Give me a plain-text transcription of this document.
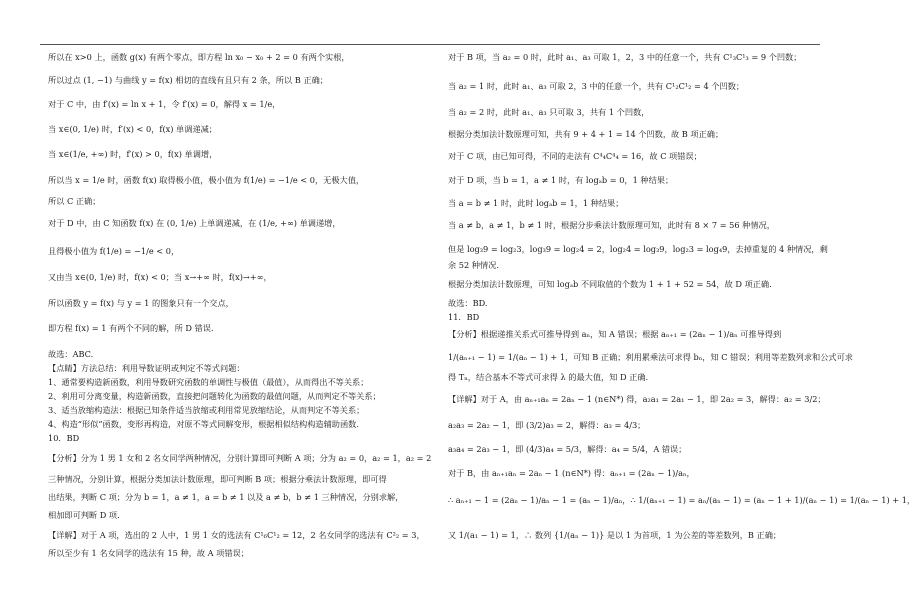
所以在 x>0 上，函数 g(x) 有两个零点，即方程 ln x₀ − x₀ + 2 = 0 有两个实根，
所以过点 (1, −1) 与曲线 y = f(x) 相切的直线有且只有 2 条，所以 B 正确；
对于 C 中，由 f′(x) = ln x + 1，令 f′(x) = 0，解得 x = 1/e，
当 x∈(0, 1/e) 时，f′(x) < 0，f(x) 单调递减；
当 x∈(1/e, +∞) 时，f′(x) > 0，f(x) 单调增，
所以当 x = 1/e 时，函数 f(x) 取得极小值，极小值为 f(1/e) = −1/e < 0，无极大值，
所以 C 正确；
对于 D 中，由 C 知函数 f(x) 在 (0, 1/e) 上单调递减，在 (1/e, +∞) 单调递增，
且得极小值为 f(1/e) = −1/e < 0，
又由当 x∈(0, 1/e) 时，f(x) < 0；当 x→+∞ 时，f(x)→+∞，
所以函数 y = f(x) 与 y = 1 的图象只有一个交点，
即方程 f(x) = 1 有两个不同的解，所 D 错误.
故选：ABC.
【点睛】方法总结：利用导数证明或判定不等式问题：
1、通常要构造新函数，利用导数研究函数的单调性与极值（最值），从而得出不等关系；
2、利用可分离变量，构造新函数，直接把问题转化为函数的最值问题，从而判定不等关系；
3、适当放缩构造法：根据已知条件适当放缩或利用常见放缩结论，从而判定不等关系；
4、构造“形似”函数，变形再构造，对原不等式同解变形，根据相似结构构造辅助函数.
10．BD
【分析】分为 1 男 1 女和 2 名女同学两种情况，分别计算即可判断 A 项；分为 a₂ = 0，a₂ = 1，a₂ = 2
三种情况，分别计算，根据分类加法计数原理，即可判断 B 项；根据分乘法计数原理，即可得
出结果，判断 C 项；分为 b = 1，a ≠ 1，a = b ≠ 1 以及 a ≠ b，b ≠ 1 三种情况，分别求解，
相加即可判断 D 项.
【详解】对于 A 项，选出的 2 人中，1 男 1 女的选法有 C¹₆C¹₂ = 12，2 名女同学的选法有 C²₂ = 3，
所以至少有 1 名女同学的选法有 15 种，故 A 项错误；
对于 B 项，当 a₂ = 0 时，此时 a₁、a₃ 可取 1，2，3 中的任意一个，共有 C¹₃C¹₃ = 9 个凹数；
当 a₂ = 1 时，此时 a₁、a₃ 可取 2，3 中的任意一个，共有 C¹₂C¹₂ = 4 个凹数；
当 a₂ = 2 时，此时 a₁、a₃ 只可取 3，共有 1 个凹数，
根据分类加法计数原理可知，共有 9 + 4 + 1 = 14 个凹数，故 B 项正确；
对于 C 项，由已知可得，不同的走法有 C⁴₄C⁴₄ = 16，故 C 项错误；
对于 D 项，当 b = 1，a ≠ 1 时，有 logₐb = 0，1 种结果；
当 a = b ≠ 1 时，此时 logₐb = 1，1 种结果；
当 a ≠ b，a ≠ 1，b ≠ 1 时，根据分步乘法计数原理可知，此时有 8 × 7 = 56 种情况，
但是 log₃9 = log₂3，log₃9 = log₂4 = 2，log₂4 = log₃9，log₂3 = log₄9，去掉重复的 4 种情况，剩
余 52 种情况.
根据分类加法计数原理，可知 logₐb 不同取值的个数为 1 + 1 + 52 = 54，故 D 项正确.
故选：BD.
11．BD
【分析】根据递推关系式可推导得到 aₙ，知 A 错误；根据 aₙ₊₁ = (2aₙ − 1)/aₙ 可推导得到
1/(aₙ₊₁ − 1) = 1/(aₙ − 1) + 1，可知 B 正确；利用累乘法可求得 bₙ，知 C 错误；利用等差数列求和公式可求
得 Tₙ，结合基本不等式可求得 λ 的最大值，知 D 正确.
【详解】对于 A，由 aₙ₊₁aₙ = 2aₙ − 1 (n∈N*) 得，a₂a₁ = 2a₁ − 1，即 2a₂ = 3，解得：a₂ = 3/2；
a₂a₃ = 2a₂ − 1，即 (3/2)a₃ = 2，解得：a₃ = 4/3；
a₃a₄ = 2a₃ − 1，即 (4/3)a₄ = 5/3，解得：a₄ = 5/4，A 错误；
对于 B，由 aₙ₊₁aₙ = 2aₙ − 1 (n∈N*) 得：aₙ₊₁ = (2aₙ − 1)/aₙ，
∴ aₙ₊₁ − 1 = (2aₙ − 1)/aₙ − 1 = (aₙ − 1)/aₙ，∴ 1/(aₙ₊₁ − 1) = aₙ/(aₙ − 1) = (aₙ − 1 + 1)/(aₙ − 1) = 1/(aₙ − 1) + 1，
又 1/(a₁ − 1) = 1，∴ 数列 {1/(aₙ − 1)} 是以 1 为首项，1 为公差的等差数列，B 正确；
